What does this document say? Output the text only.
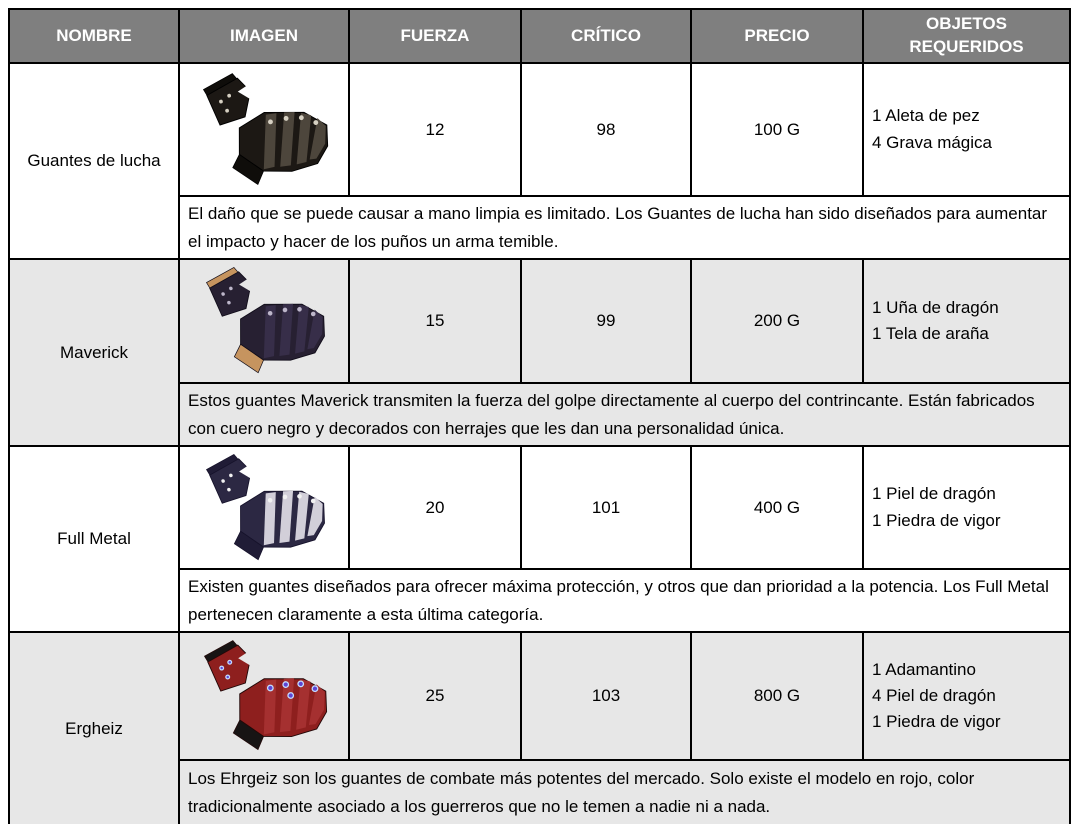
NOMBRE	IMAGEN	FUERZA	CRÍTICO	PRECIO	OBJETOS REQUERIDOS
Guantes de lucha		12	98	100 G	1 Aleta de pez
4 Grava mágica

	El daño que se puede causar a mano limpia es limitado. Los Guantes de lucha han sido diseñados para aumentar el impacto y hacer de los puños un arma temible.				
Maverick		15	99	200 G	1 Uña de dragón
1 Tela de araña

	Estos guantes Maverick transmiten la fuerza del golpe directamente al cuerpo del contrincante. Están fabricados con cuero negro y decorados con herrajes que les dan una personalidad única.				
Full Metal		20	101	400 G	1 Piel de dragón
1 Piedra de vigor

	Existen guantes diseñados para ofrecer máxima protección, y otros que dan prioridad a la potencia. Los Full Metal pertenecen claramente a esta última categoría.				
Ergheiz		25	103	800 G	1 Adamantino
4 Piel de dragón
1 Piedra de vigor

	Los Ehrgeiz son los guantes de combate más potentes del mercado. Solo existe el modelo en rojo, color tradicionalmente asociado a los guerreros que no le temen a nadie ni a nada.				
